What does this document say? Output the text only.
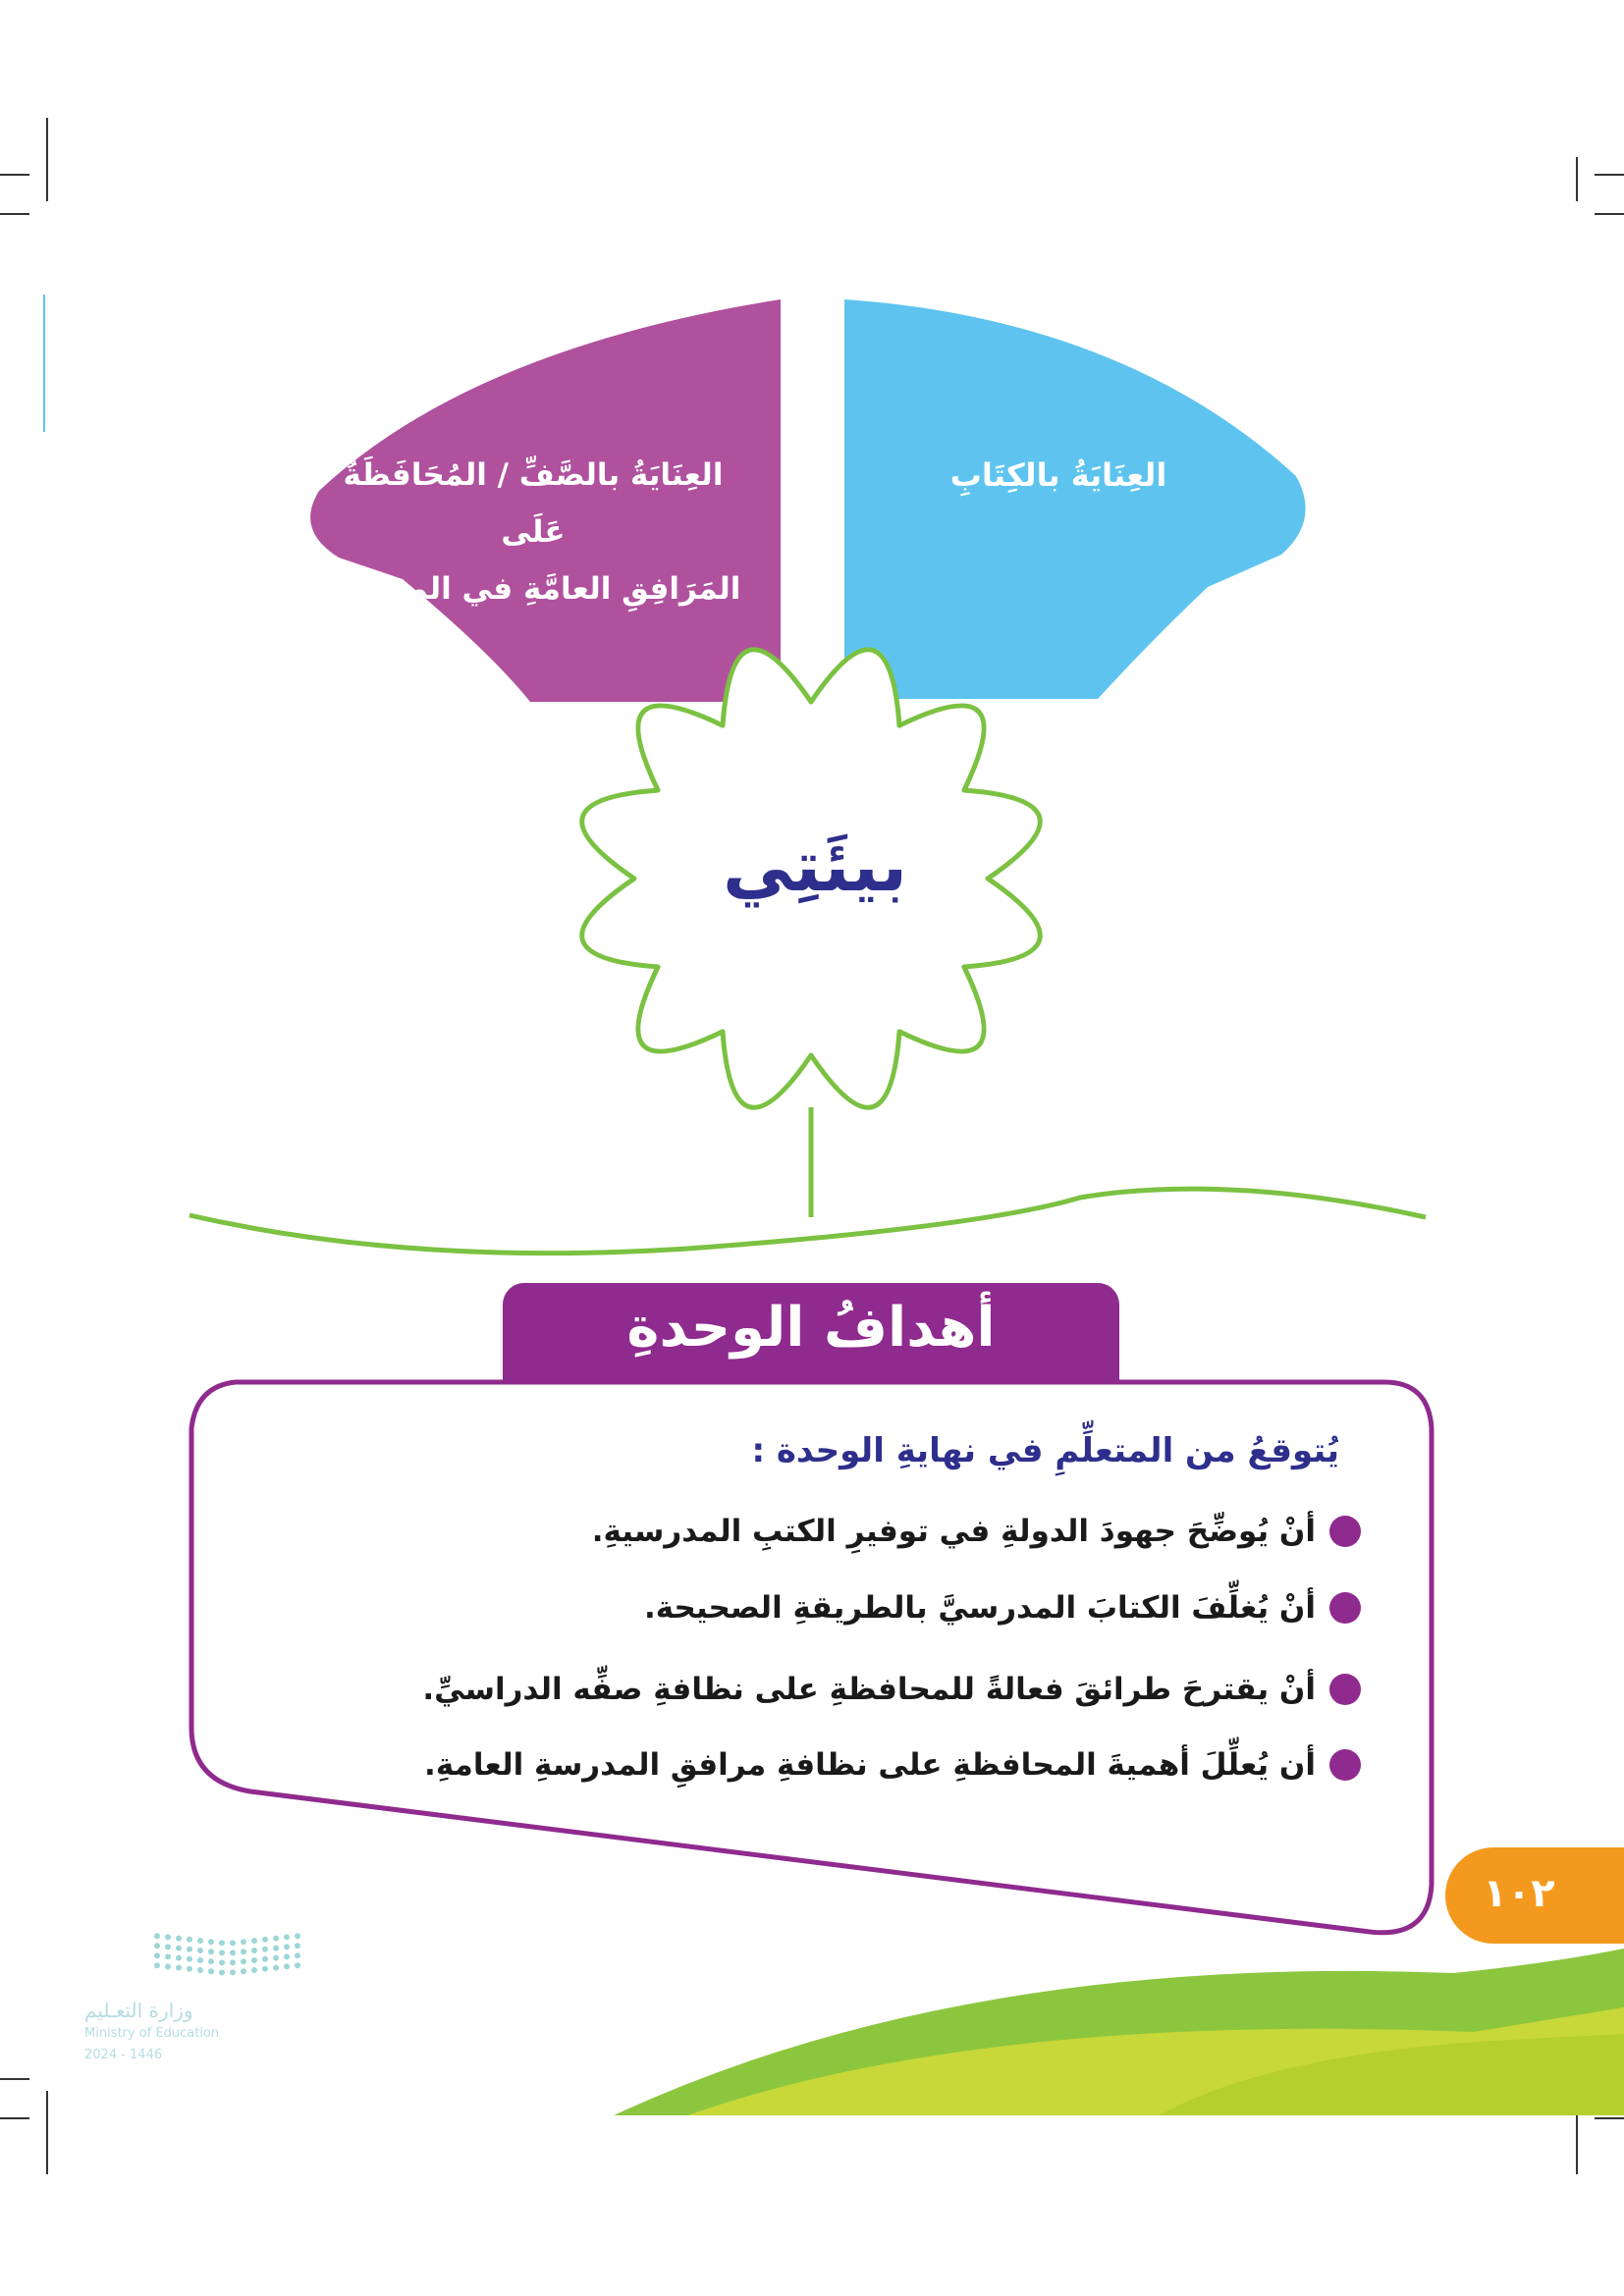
العِنَايَةُ بالصَّفِّ / المُحَافَظَةُ عَلَى
المَرَافِقِ العامَّةِ في المدرسةِ
العِنَايَةُ بالكِتَابِ
بيئَتِي
أهدافُ الوحدةِ
يُتوقعُ من المتعلِّمِ في نهايةِ الوحدة :
أنْ يُوضِّحَ جهودَ الدولةِ في توفيرِ الكتبِ المدرسيةِ.
أنْ يُغلِّفَ الكتابَ المدرسيَّ بالطريقةِ الصحيحة.
أنْ يقترحَ طرائقَ فعالةً للمحافظةِ على نظافةِ صفِّه الدراسيِّ.
أن يُعلِّلَ أهميةَ المحافظةِ على نظافةِ مرافقِ المدرسةِ العامةِ.
١٠٢
وزارة التعـليم
Ministry of Education
2024 - 1446
